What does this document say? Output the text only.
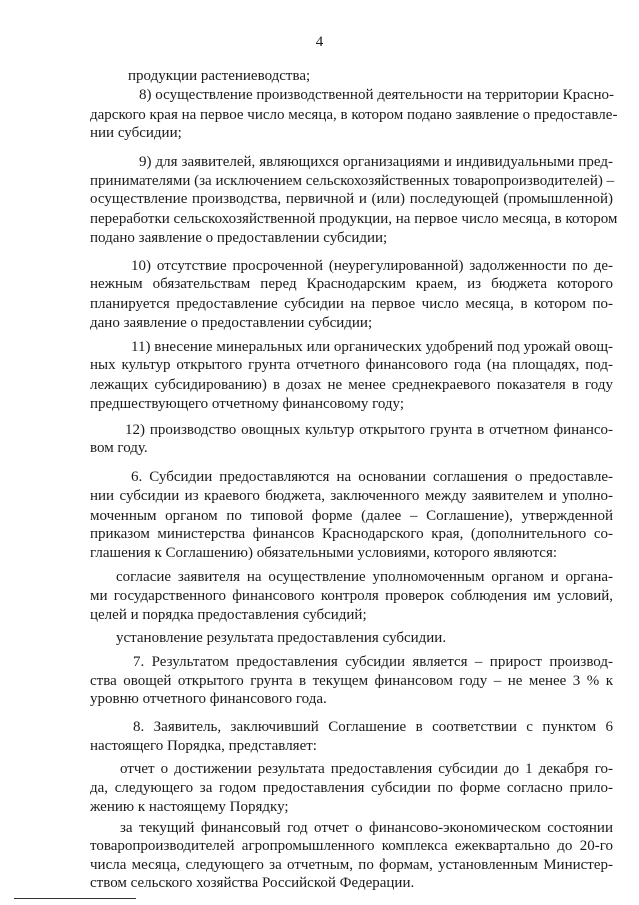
4
продукции растениеводства;
8) осуществление производственной деятельности на территории Красно-
дарского края на первое число месяца, в котором подано заявление о предоставле-
нии субсидии;
9) для заявителей, являющихся организациями и индивидуальными пред-
принимателями (за исключением сельскохозяйственных товаропроизводителей) –
осуществление производства, первичной и (или) последующей (промышленной)
переработки сельскохозяйственной продукции, на первое число месяца, в котором
подано заявление о предоставлении субсидии;
10) отсутствие просроченной (неурегулированной) задолженности по де-
нежным обязательствам перед Краснодарским краем, из бюджета которого
планируется предоставление субсидии на первое число месяца, в котором по-
дано заявление о предоставлении субсидии;
11) внесение минеральных или органических удобрений под урожай овощ-
ных культур открытого грунта отчетного финансового года (на площадях, под-
лежащих субсидированию) в дозах не менее среднекраевого показателя в году
предшествующего отчетному финансовому году;
12) производство овощных культур открытого грунта в отчетном финансо-
вом году.
6. Субсидии предоставляются на основании соглашения о предоставле-
нии субсидии из краевого бюджета, заключенного между заявителем и уполно-
моченным органом по типовой форме (далее – Соглашение), утвержденной
приказом министерства финансов Краснодарского края, (дополнительного со-
глашения к Соглашению) обязательными условиями, которого являются:
согласие заявителя на осуществление уполномоченным органом и органа-
ми государственного финансового контроля проверок соблюдения им условий,
целей и порядка предоставления субсидий;
установление результата предоставления субсидии.
7. Результатом предоставления субсидии является – прирост производ-
ства овощей открытого грунта в текущем финансовом году – не менее 3 % к
уровню отчетного финансового года.
8. Заявитель, заключивший Соглашение в соответствии с пунктом 6
настоящего Порядка, представляет:
отчет о достижении результата предоставления субсидии до 1 декабря го-
да, следующего за годом предоставления субсидии по форме согласно прило-
жению к настоящему Порядку;
за текущий финансовый год отчет о финансово-экономическом состоянии
товаропроизводителей агропромышленного комплекса ежеквартально до 20-го
числа месяца, следующего за отчетным, по формам, установленным Министер-
ством сельского хозяйства Российской Федерации.
